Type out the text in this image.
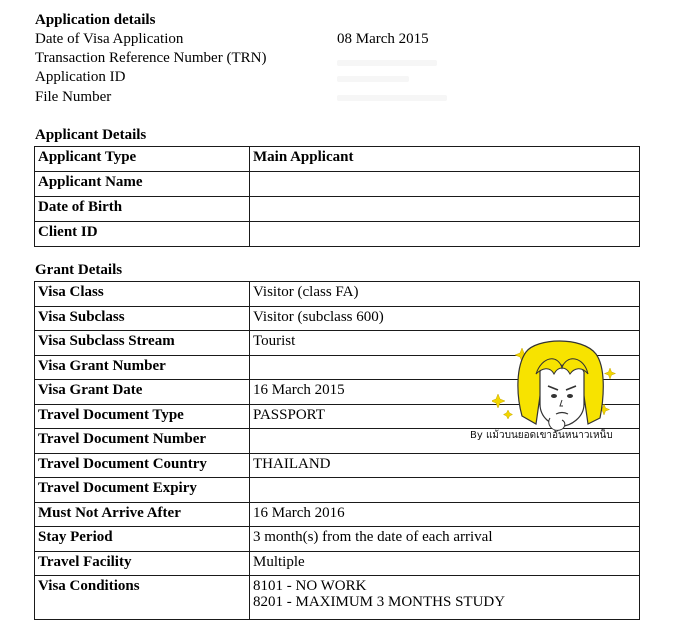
Application details
Date of Visa Application	08 March 2015
Transaction Reference Number (TRN)
Application ID
File Number
Applicant Details
Applicant Type	Main Applicant
Applicant Name	
Date of Birth	
Client ID	
Grant Details
Visa Class	Visitor (class FA)
Visa Subclass	Visitor (subclass 600)
Visa Subclass Stream	Tourist
Visa Grant Number	
Visa Grant Date	16 March 2015
Travel Document Type	PASSPORT
Travel Document Number	
Travel Document Country	THAILAND
Travel Document Expiry	
Must Not Arrive After	16 March 2016
Stay Period	3 month(s) from the date of each arrival
Travel Facility	Multiple
Visa Conditions	8101 - NO WORK
8201 - MAXIMUM 3 MONTHS STUDY
By แม้วบนยอดเขาอันหนาวเหน็บ
